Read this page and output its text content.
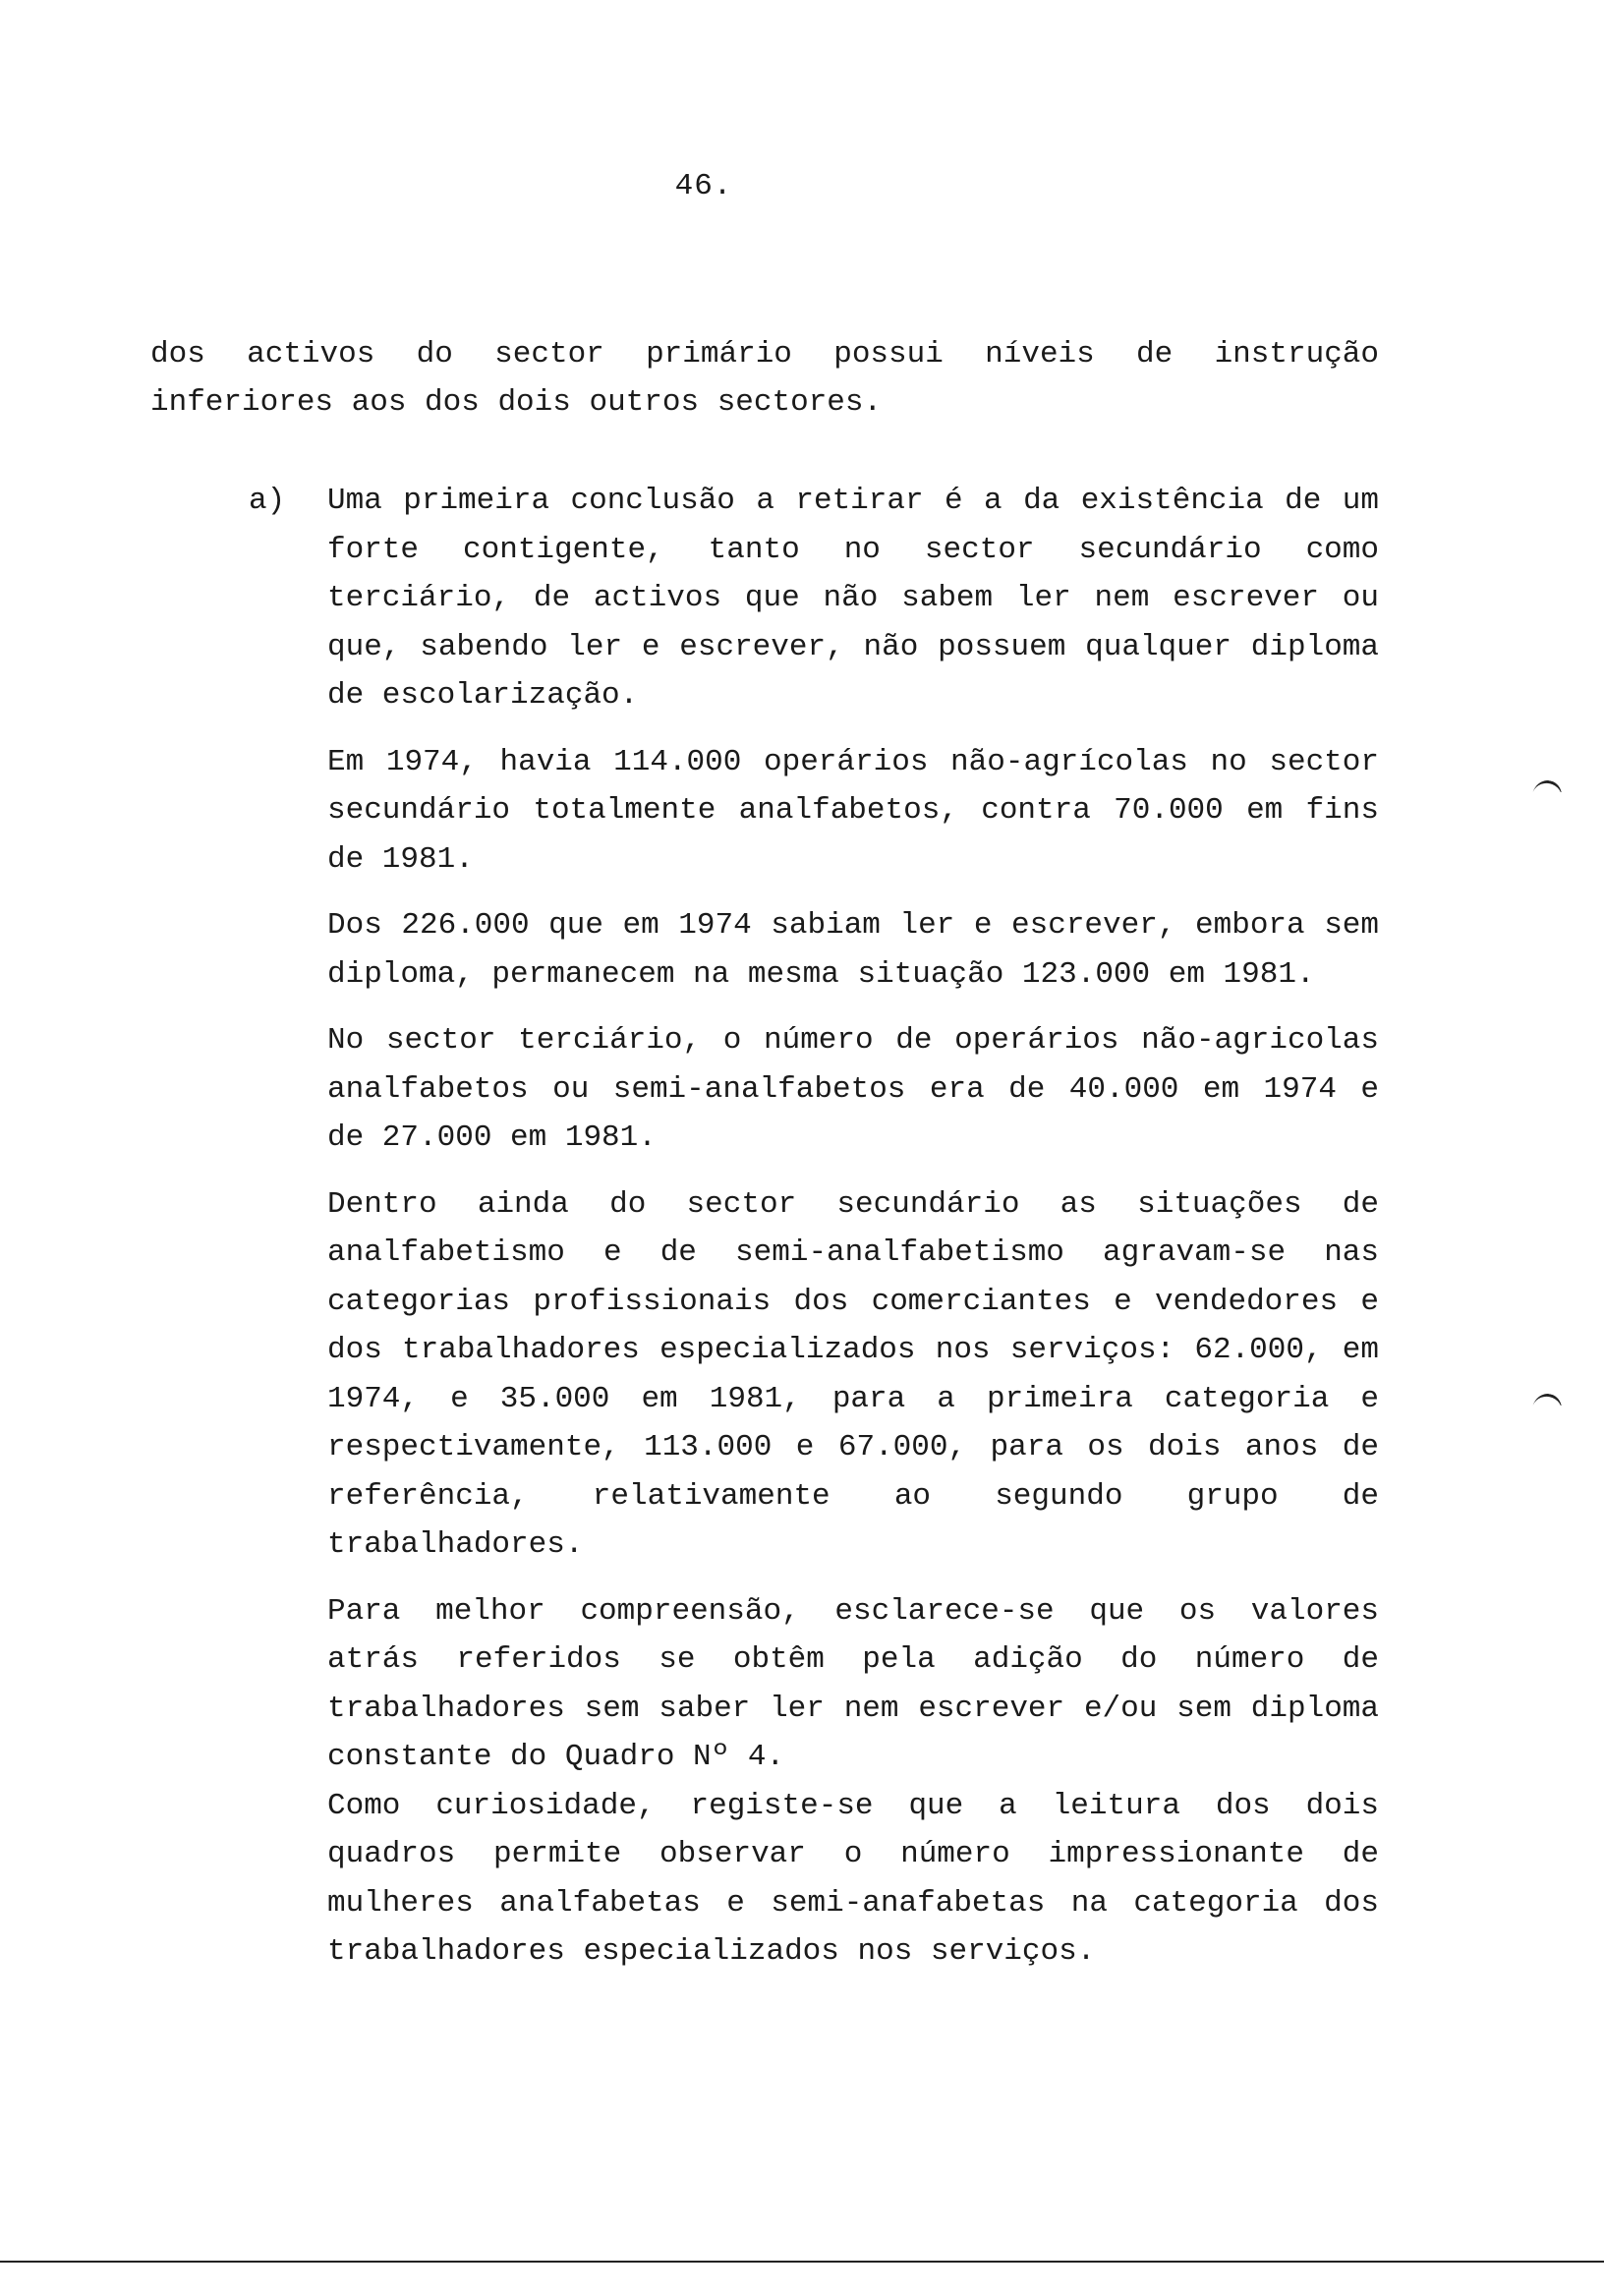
46.
dos activos do sector primário possui níveis de instrução inferiores aos dos dois outros sectores.
a) Uma primeira conclusão a retirar é a da existência de um forte contigente, tanto no sector secundário como terciário, de activos que não sabem ler nem escrever ou que, sabendo ler e escrever, não possuem qualquer diploma de escolarização.

Em 1974, havia 114.000 operários não-agrícolas no sector secundário totalmente analfabetos, contra 70.000 em fins de 1981.

Dos 226.000 que em 1974 sabiam ler e escrever, embora sem diploma, permanecem na mesma situação 123.000 em 1981.

No sector terciário, o número de operários não-agricolas analfabetos ou semi-analfabetos era de 40.000 em 1974 e de 27.000 em 1981.

Dentro ainda do sector secundário as situações de analfabetismo e de semi-analfabetismo agravam-se nas categorias profissionais dos comerciantes e vendedores e dos trabalhadores especializados nos serviços: 62.000, em 1974, e 35.000 em 1981, para a primeira categoria e respectivamente, 113.000 e 67.000, para os dois anos de referência, relativamente ao segundo grupo de trabalhadores.

Para melhor compreensão, esclarece-se que os valores atrás referidos se obtêm pela adição do número de trabalhadores sem saber ler nem escrever e/ou sem diploma constante do Quadro Nº 4.

Como curiosidade, registe-se que a leitura dos dois quadros permite observar o número impressionante de mulheres analfabetas e semi-anafabetas na categoria dos trabalhadores especializados nos serviços.
